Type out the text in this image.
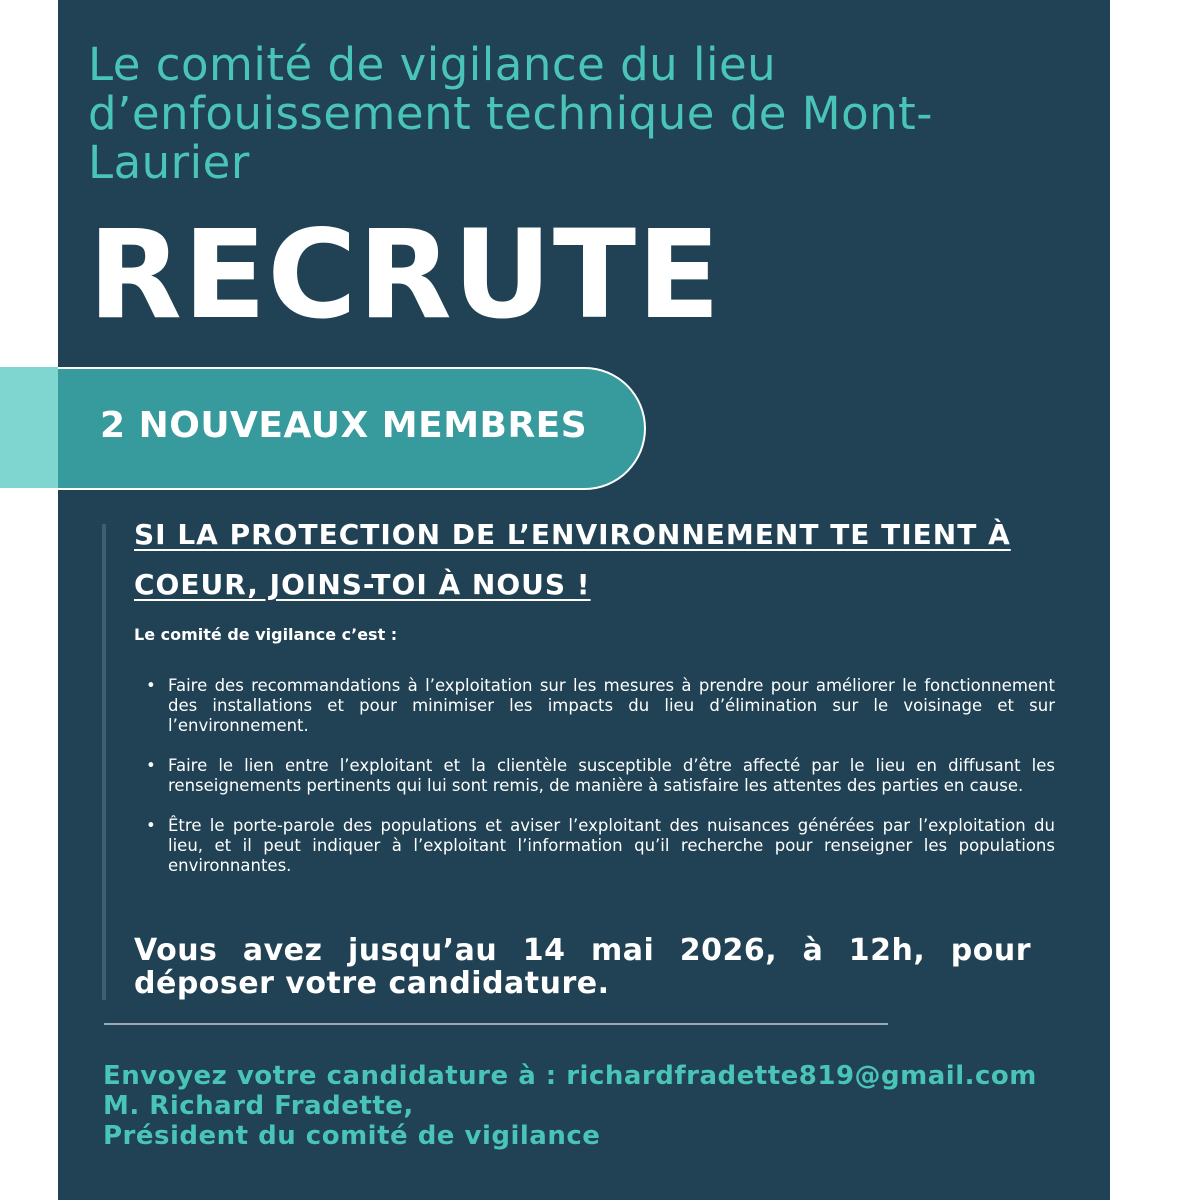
Le comité de vigilance du lieu d’enfouissement technique de Mont-Laurier
RECRUTE
2 NOUVEAUX MEMBRES
SI LA PROTECTION DE L’ENVIRONNEMENT TE TIENT À COEUR, JOINS-TOI À NOUS !
Le comité de vigilance c’est :
• Faire des recommandations à l’exploitation sur les mesures à prendre pour améliorer le fonctionnement des installations et pour minimiser les impacts du lieu d’élimination sur le voisinage et sur l’environnement.
• Faire le lien entre l’exploitant et la clientèle susceptible d’être affecté par le lieu en diffusant les renseignements pertinents qui lui sont remis, de manière à satisfaire les attentes des parties en cause.
• Être le porte-parole des populations et aviser l’exploitant des nuisances générées par l’exploitation du lieu, et il peut indiquer à l’exploitant l’information qu’il recherche pour renseigner les populations environnantes.
Vous avez jusqu’au 14 mai 2026, à 12h, pour déposer votre candidature.
Envoyez votre candidature à : richardfradette819@gmail.com
M. Richard Fradette,
Président du comité de vigilance
